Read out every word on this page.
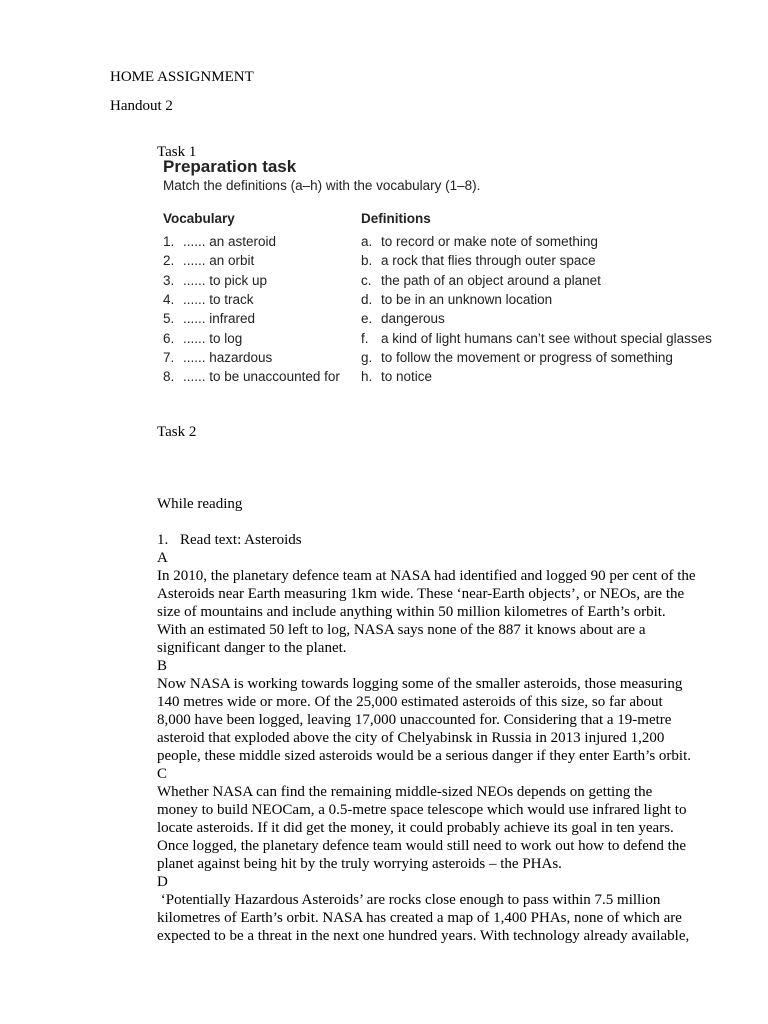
HOME ASSIGNMENT
Handout 2
Task 1
Preparation task
Match the definitions (a–h) with the vocabulary (1–8).
Vocabulary	Definitions
1. ...... an asteroid
2. ...... an orbit
3. ...... to pick up
4. ...... to track
5. ...... infrared
6. ...... to log
7. ...... hazardous
8. ...... to be unaccounted for
a. to record or make note of something
b. a rock that flies through outer space
c. the path of an object around a planet
d. to be in an unknown location
e. dangerous
f. a kind of light humans can’t see without special glasses
g. to follow the movement or progress of something
h. to notice
Task 2
While reading

1. Read text: Asteroids

A

In 2010, the planetary defence team at NASA had identified and logged 90 per cent of the

Asteroids near Earth measuring 1km wide. These ‘near-Earth objects’, or NEOs, are the

size of mountains and include anything within 50 million kilometres of Earth’s orbit.

With an estimated 50 left to log, NASA says none of the 887 it knows about are a

significant danger to the planet.

B

Now NASA is working towards logging some of the smaller asteroids, those measuring

140 metres wide or more. Of the 25,000 estimated asteroids of this size, so far about

8,000 have been logged, leaving 17,000 unaccounted for. Considering that a 19-metre

asteroid that exploded above the city of Chelyabinsk in Russia in 2013 injured 1,200

people, these middle sized asteroids would be a serious danger if they enter Earth’s orbit.

C

Whether NASA can find the remaining middle-sized NEOs depends on getting the

money to build NEOCam, a 0.5-metre space telescope which would use infrared light to

locate asteroids. If it did get the money, it could probably achieve its goal in ten years.

Once logged, the planetary defence team would still need to work out how to defend the

planet against being hit by the truly worrying asteroids – the PHAs.

D

‘Potentially Hazardous Asteroids’ are rocks close enough to pass within 7.5 million

kilometres of Earth’s orbit. NASA has created a map of 1,400 PHAs, none of which are

expected to be a threat in the next one hundred years. With technology already available,
